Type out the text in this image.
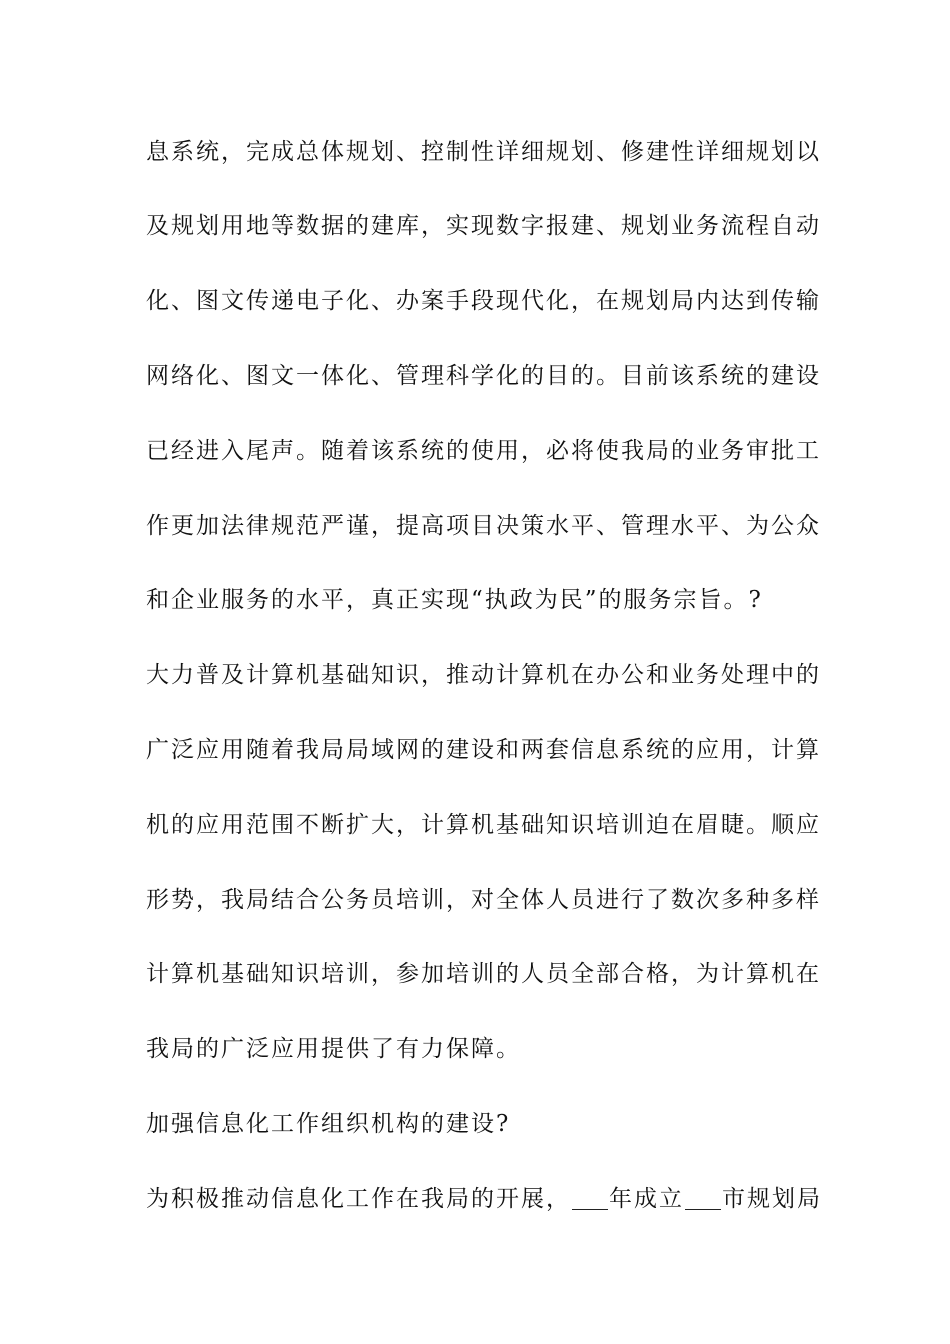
息系统，完成总体规划、控制性详细规划、修建性详细规划以
及规划用地等数据的建库，实现数字报建、规划业务流程自动
化、图文传递电子化、办案手段现代化，在规划局内达到传输
网络化、图文一体化、管理科学化的目的。目前该系统的建设
已经进入尾声。随着该系统的使用，必将使我局的业务审批工
作更加法律规范严谨，提高项目决策水平、管理水平、为公众
和企业服务的水平，真正实现“执政为民”的服务宗旨。?
大力普及计算机基础知识，推动计算机在办公和业务处理中的
广泛应用随着我局局域网的建设和两套信息系统的应用，计算
机的应用范围不断扩大，计算机基础知识培训迫在眉睫。顺应
形势，我局结合公务员培训，对全体人员进行了数次多种多样
计算机基础知识培训，参加培训的人员全部合格，为计算机在
我局的广泛应用提供了有力保障。
加强信息化工作组织机构的建设?
为积极推动信息化工作在我局的开展， 年成立 市规划局
